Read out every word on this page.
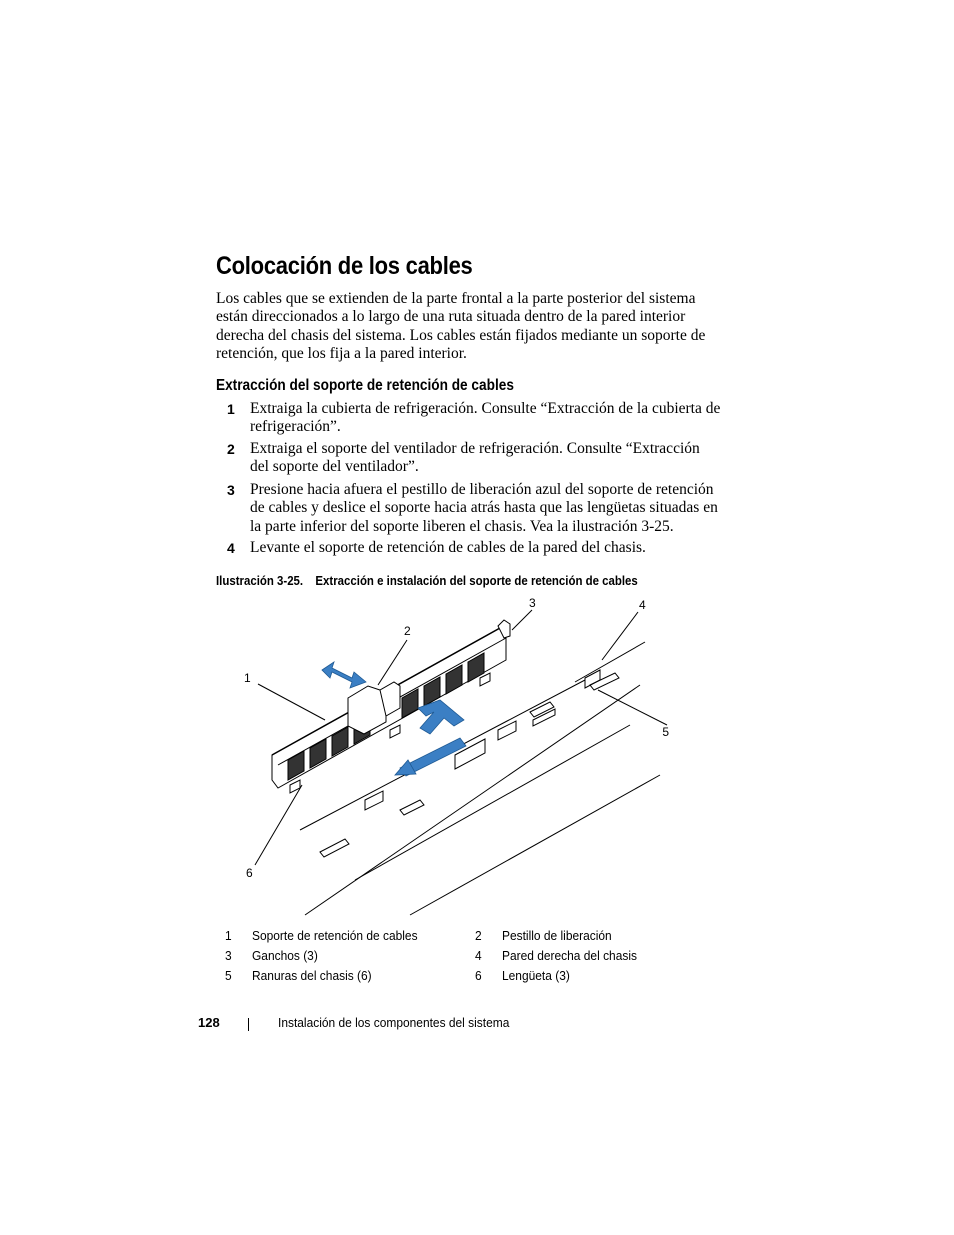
Colocación de los cables

Los cables que se extienden de la parte frontal a la parte posterior del sistema están direccionados a lo largo de una ruta situada dentro de la pared interior derecha del chasis del sistema. Los cables están fijados mediante un soporte de retención, que los fija a la pared interior.

Extracción del soporte de retención de cables
1 Extraiga la cubierta de refrigeración. Consulte “Extracción de la cubierta de refrigeración”.
2 Extraiga el soporte del ventilador de refrigeración. Consulte “Extracción del soporte del ventilador”.
3 Presione hacia afuera el pestillo de liberación azul del soporte de retención de cables y deslice el soporte hacia atrás hasta que las lengüetas situadas en la parte inferior del soporte liberen el chasis. Vea la ilustración 3-25.
4 Levante el soporte de retención de cables de la pared del chasis.
Ilustración 3-25. Extracción e instalación del soporte de retención de cables
1
2
3	4
5
6
1 Soporte de retención de cables	2 Pestillo de liberación
3 Ganchos (3)	4 Pared derecha del chasis
5 Ranuras del chasis (6)	6 Lengüeta (3)
128	Instalación de los componentes del sistema
